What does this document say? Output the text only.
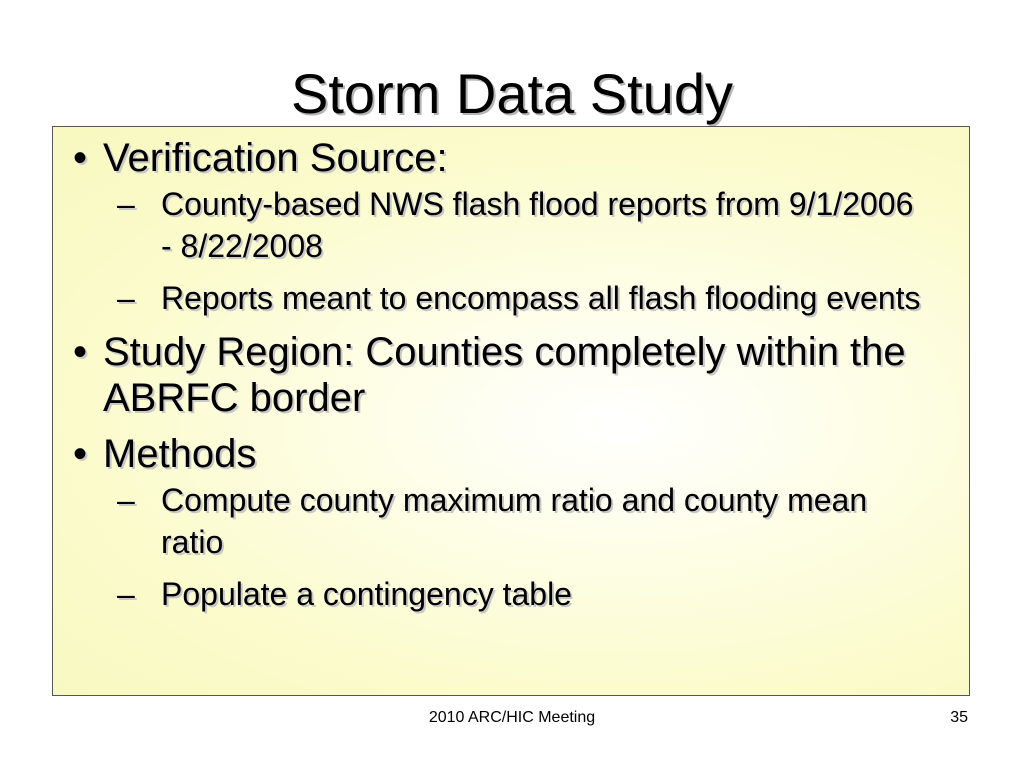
Storm Data Study
• Verification Source:
– County-based NWS flash flood reports from 9/1/2006 - 8/22/2008
– Reports meant to encompass all flash flooding events
• Study Region: Counties completely within the ABRFC border
• Methods
– Compute county maximum ratio and county mean ratio
– Populate a contingency table
2010 ARC/HIC Meeting	35
